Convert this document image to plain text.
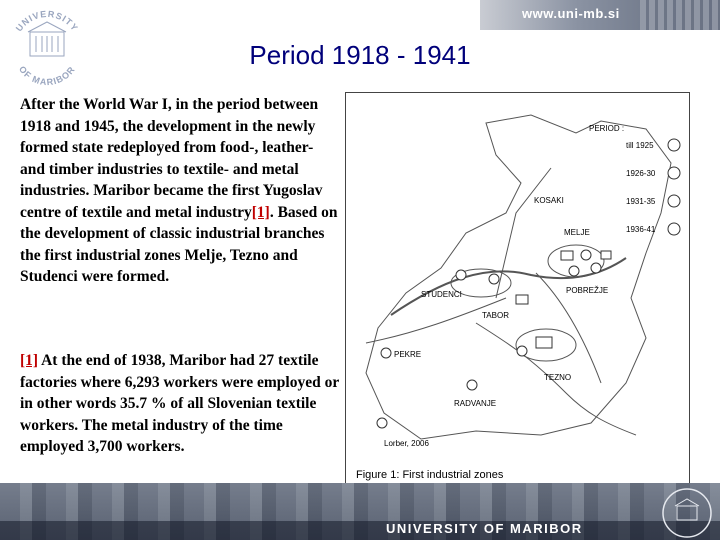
www.uni-mb.si
UNIVERSITY
OF MARIBOR
Period 1918 - 1941
After the World War I, in the period between 1918 and 1945, the development in the newly formed state redeployed from food-, leather- and timber industries to textile- and metal industries. Maribor became the first Yugoslav centre of textile and metal industry[1]. Based on the development of classic industrial branches the first industrial zones Melje, Tezno and Studenci were formed.
[1] At the end of 1938, Maribor had 27 textile factories where 6,293 workers were employed or in other words 35.7 % of all Slovenian textile workers. The metal industry of the time employed 3,700 workers.
PERIOD :
till 1925
1926-30
1931-35
1936-41
KOSAKI
MELJE
POBREŽJE
STUDENCI
TABOR
PEKRE
TEZNO
RADVANJE
Lorber, 2006
Figure 1: First industrial zones
UNIVERSITY OF MARIBOR
